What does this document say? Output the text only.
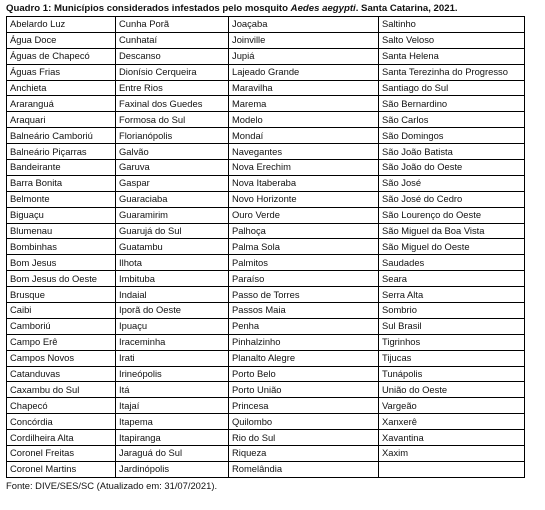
Quadro 1: Municípios considerados infestados pelo mosquito Aedes aegypti. Santa Catarina, 2021.
Abelardo Luz	Cunha Porã	Joaçaba	Saltinho
Água Doce	Cunhataí	Joinville	Salto Veloso
Águas de Chapecó	Descanso	Jupiá	Santa Helena
Águas Frias	Dionísio Cerqueira	Lajeado Grande	Santa Terezinha do Progresso
Anchieta	Entre Rios	Maravilha	Santiago do Sul
Araranguá	Faxinal dos Guedes	Marema	São Bernardino
Araquari	Formosa do Sul	Modelo	São Carlos
Balneário Camboriú	Florianópolis	Mondaí	São Domingos
Balneário Piçarras	Galvão	Navegantes	São João Batista
Bandeirante	Garuva	Nova Erechim	São João do Oeste
Barra Bonita	Gaspar	Nova Itaberaba	São José
Belmonte	Guaraciaba	Novo Horizonte	São José do Cedro
Biguaçu	Guaramirim	Ouro Verde	São Lourenço do Oeste
Blumenau	Guarujá do Sul	Palhoça	São Miguel da Boa Vista
Bombinhas	Guatambu	Palma Sola	São Miguel do Oeste
Bom Jesus	Ilhota	Palmitos	Saudades
Bom Jesus do Oeste	Imbituba	Paraíso	Seara
Brusque	Indaial	Passo de Torres	Serra Alta
Caibi	Iporã do Oeste	Passos Maia	Sombrio
Camboriú	Ipuaçu	Penha	Sul Brasil
Campo Erê	Iraceminha	Pinhalzinho	Tigrinhos
Campos Novos	Irati	Planalto Alegre	Tijucas
Catanduvas	Irineópolis	Porto Belo	Tunápolis
Caxambu do Sul	Itá	Porto União	União do Oeste
Chapecó	Itajaí	Princesa	Vargeão
Concórdia	Itapema	Quilombo	Xanxerê
Cordilheira Alta	Itapiranga	Rio do Sul	Xavantina
Coronel Freitas	Jaraguá do Sul	Riqueza	Xaxim
Coronel Martins	Jardinópolis	Romelândia	
Fonte: DIVE/SES/SC (Atualizado em: 31/07/2021).
